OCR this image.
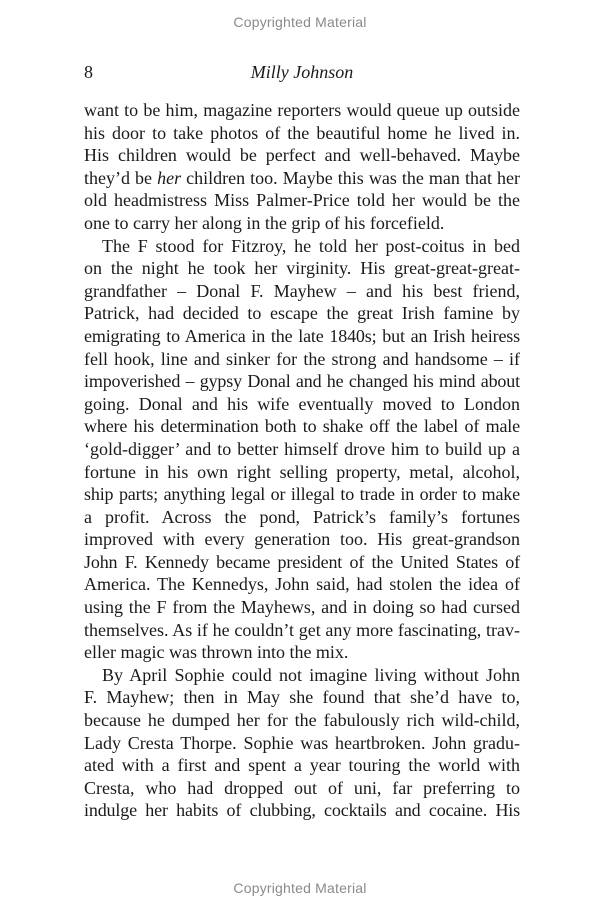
Copyrighted Material
8	Milly Johnson
want to be him, magazine reporters would queue up outside
his door to take photos of the beautiful home he lived in.
His children would be perfect and well-behaved. Maybe
they’d be her children too. Maybe this was the man that her
old headmistress Miss Palmer-Price told her would be the
one to carry her along in the grip of his forcefield.
The F stood for Fitzroy, he told her post-coitus in bed
on the night he took her virginity. His great-great-great-
grandfather – Donal F. Mayhew – and his best friend,
Patrick, had decided to escape the great Irish famine by
emigrating to America in the late 1840s; but an Irish heiress
fell hook, line and sinker for the strong and handsome – if
impoverished – gypsy Donal and he changed his mind about
going. Donal and his wife eventually moved to London
where his determination both to shake off the label of male
‘gold-digger’ and to better himself drove him to build up a
fortune in his own right selling property, metal, alcohol,
ship parts; anything legal or illegal to trade in order to make
a profit. Across the pond, Patrick’s family’s fortunes
improved with every generation too. His great-grandson
John F. Kennedy became president of the United States of
America. The Kennedys, John said, had stolen the idea of
using the F from the Mayhews, and in doing so had cursed
themselves. As if he couldn’t get any more fascinating, trav-
eller magic was thrown into the mix.
By April Sophie could not imagine living without John
F. Mayhew; then in May she found that she’d have to,
because he dumped her for the fabulously rich wild-child,
Lady Cresta Thorpe. Sophie was heartbroken. John gradu-
ated with a first and spent a year touring the world with
Cresta, who had dropped out of uni, far preferring to
indulge her habits of clubbing, cocktails and cocaine. His
Copyrighted Material
